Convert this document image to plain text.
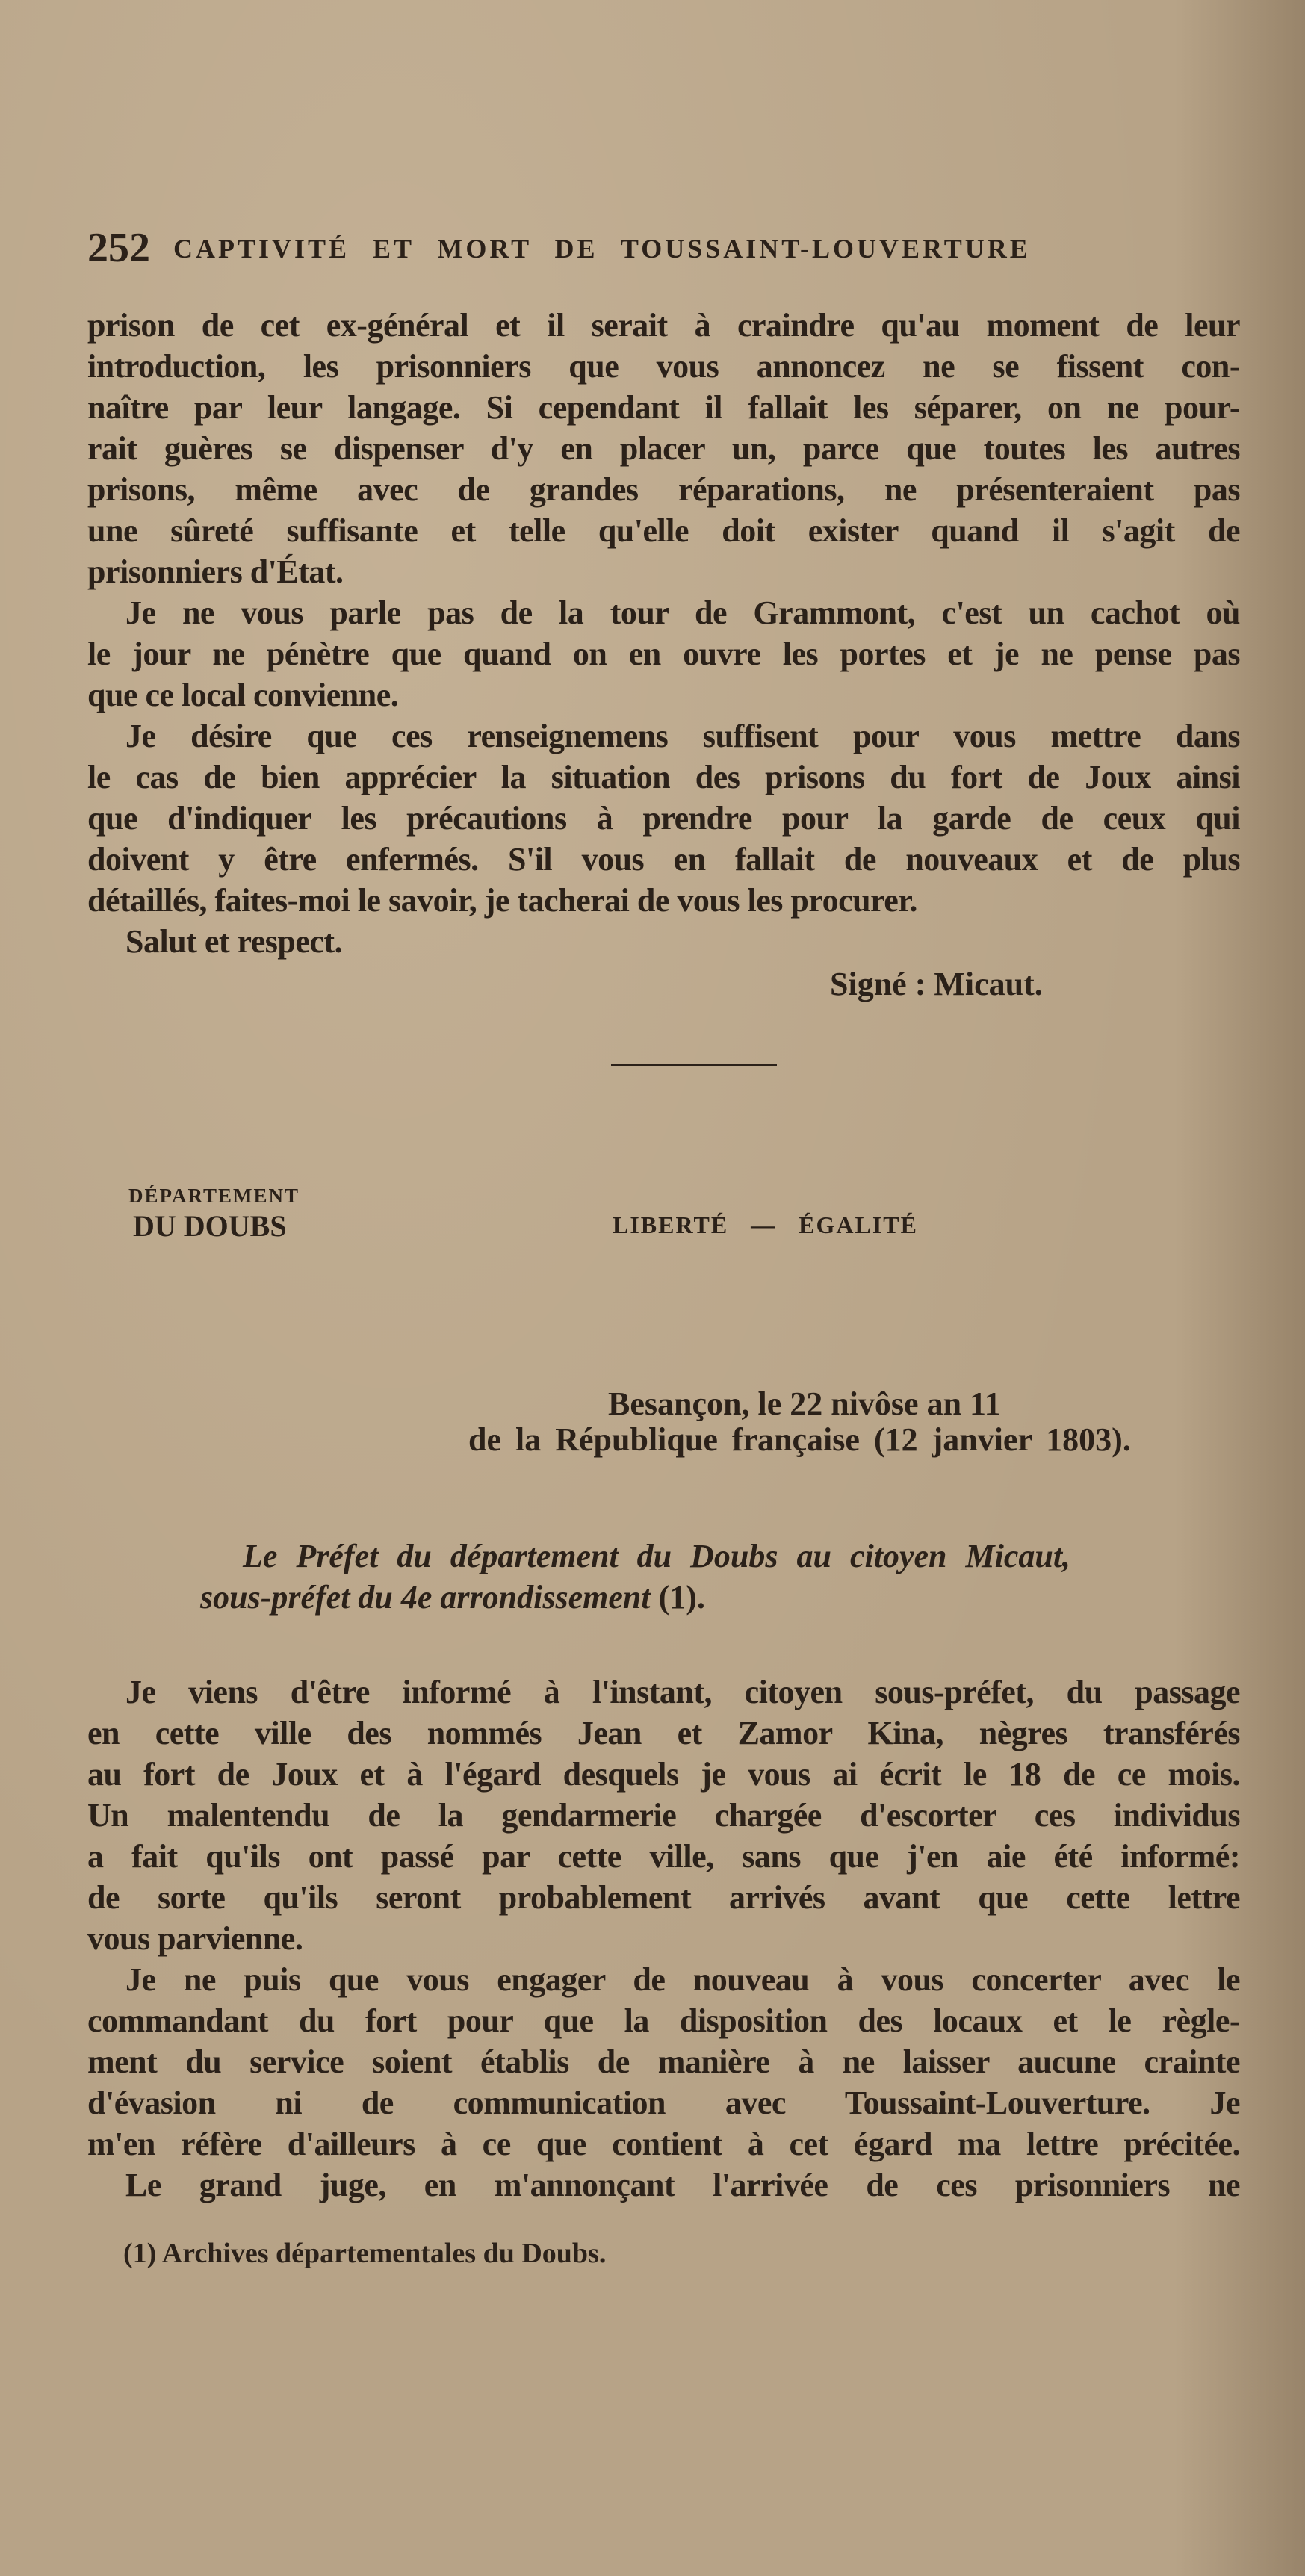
252 CAPTIVITÉ ET MORT DE TOUSSAINT-LOUVERTURE
prison de cet ex-général et il serait à craindre qu'au moment de leur
introduction, les prisonniers que vous annoncez ne se fissent con-
naître par leur langage. Si cependant il fallait les séparer, on ne pour-
rait guères se dispenser d'y en placer un, parce que toutes les autres
prisons, même avec de grandes réparations, ne présenteraient pas
une sûreté suffisante et telle qu'elle doit exister quand il s'agit de
prisonniers d'État.
Je ne vous parle pas de la tour de Grammont, c'est un cachot où
le jour ne pénètre que quand on en ouvre les portes et je ne pense pas
que ce local convienne.
Je désire que ces renseignemens suffisent pour vous mettre dans
le cas de bien apprécier la situation des prisons du fort de Joux ainsi
que d'indiquer les précautions à prendre pour la garde de ceux qui
doivent y être enfermés. S'il vous en fallait de nouveaux et de plus
détaillés, faites-moi le savoir, je tacherai de vous les procurer.
Salut et respect.
Signé : Micaut.
DÉPARTEMENT
DU DOUBS	LIBERTÉ — ÉGALITÉ
Besançon, le 22 nivôse an 11
de la République française (12 janvier 1803).
Le Préfet du département du Doubs au citoyen Micaut,
sous-préfet du 4e arrondissement (1).
Je viens d'être informé à l'instant, citoyen sous-préfet, du passage
en cette ville des nommés Jean et Zamor Kina, nègres transférés
au fort de Joux et à l'égard desquels je vous ai écrit le 18 de ce mois.
Un malentendu de la gendarmerie chargée d'escorter ces individus
a fait qu'ils ont passé par cette ville, sans que j'en aie été informé:
de sorte qu'ils seront probablement arrivés avant que cette lettre
vous parvienne.
Je ne puis que vous engager de nouveau à vous concerter avec le
commandant du fort pour que la disposition des locaux et le règle-
ment du service soient établis de manière à ne laisser aucune crainte
d'évasion ni de communication avec Toussaint-Louverture. Je
m'en réfère d'ailleurs à ce que contient à cet égard ma lettre précitée.
Le grand juge, en m'annonçant l'arrivée de ces prisonniers ne
(1) Archives départementales du Doubs.
